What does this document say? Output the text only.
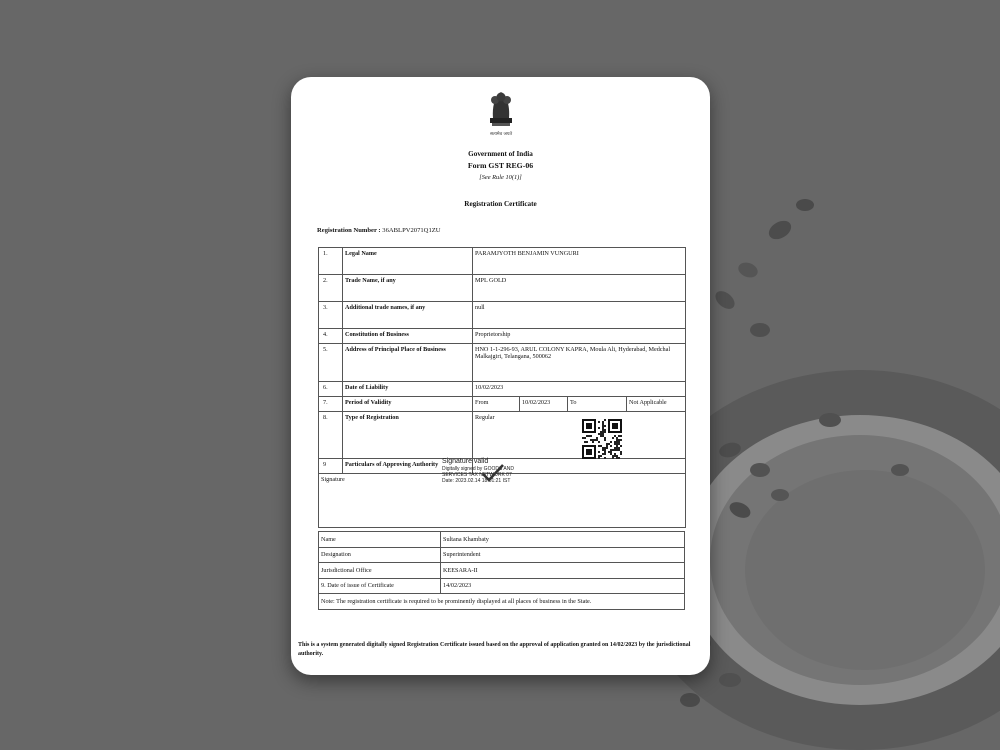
सत्यमेव जयते
Government of India
Form GST REG-06
[See Rule 10(1)]
Registration Certificate
Registration Number : 36ABLPV2071Q1ZU
1.	Legal Name	PARAMJYOTH BENJAMIN VUNGURI			
2.	Trade Name, if any	MPL GOLD			
3.	Additional trade names, if any	null			
4.	Constitution of Business	Proprietorship			
5.	Address of Principal Place of Business	HNO 1-1-296-93, ARUL COLONY KAPRA, Moula Ali, Hyderabad, Medchal Malkajgiri, Telangana, 500062			
6.	Date of Liability	10/02/2023			
7.	Period of Validity	From	10/02/2023	To	Not Applicable
8.	Type of Registration	Regular			
9	Particulars of Approving Authority				
Signature					
Signature valid
Digitally signed by GOODS AND
SERVICES TAX NETWORK 07
Date: 2023.02.14 18:01:21 IST
Name	Sultana Khambaty
Designation	Superintendent
Jurisdictional Office	KEESARA-II
9. Date of issue of Certificate	14/02/2023
Note: The registration certificate is required to be prominently displayed at all places of business in the State.	
This is a system generated digitally signed Registration Certificate issued based on the approval of application granted on 14/02/2023 by the jurisdictional authority.
